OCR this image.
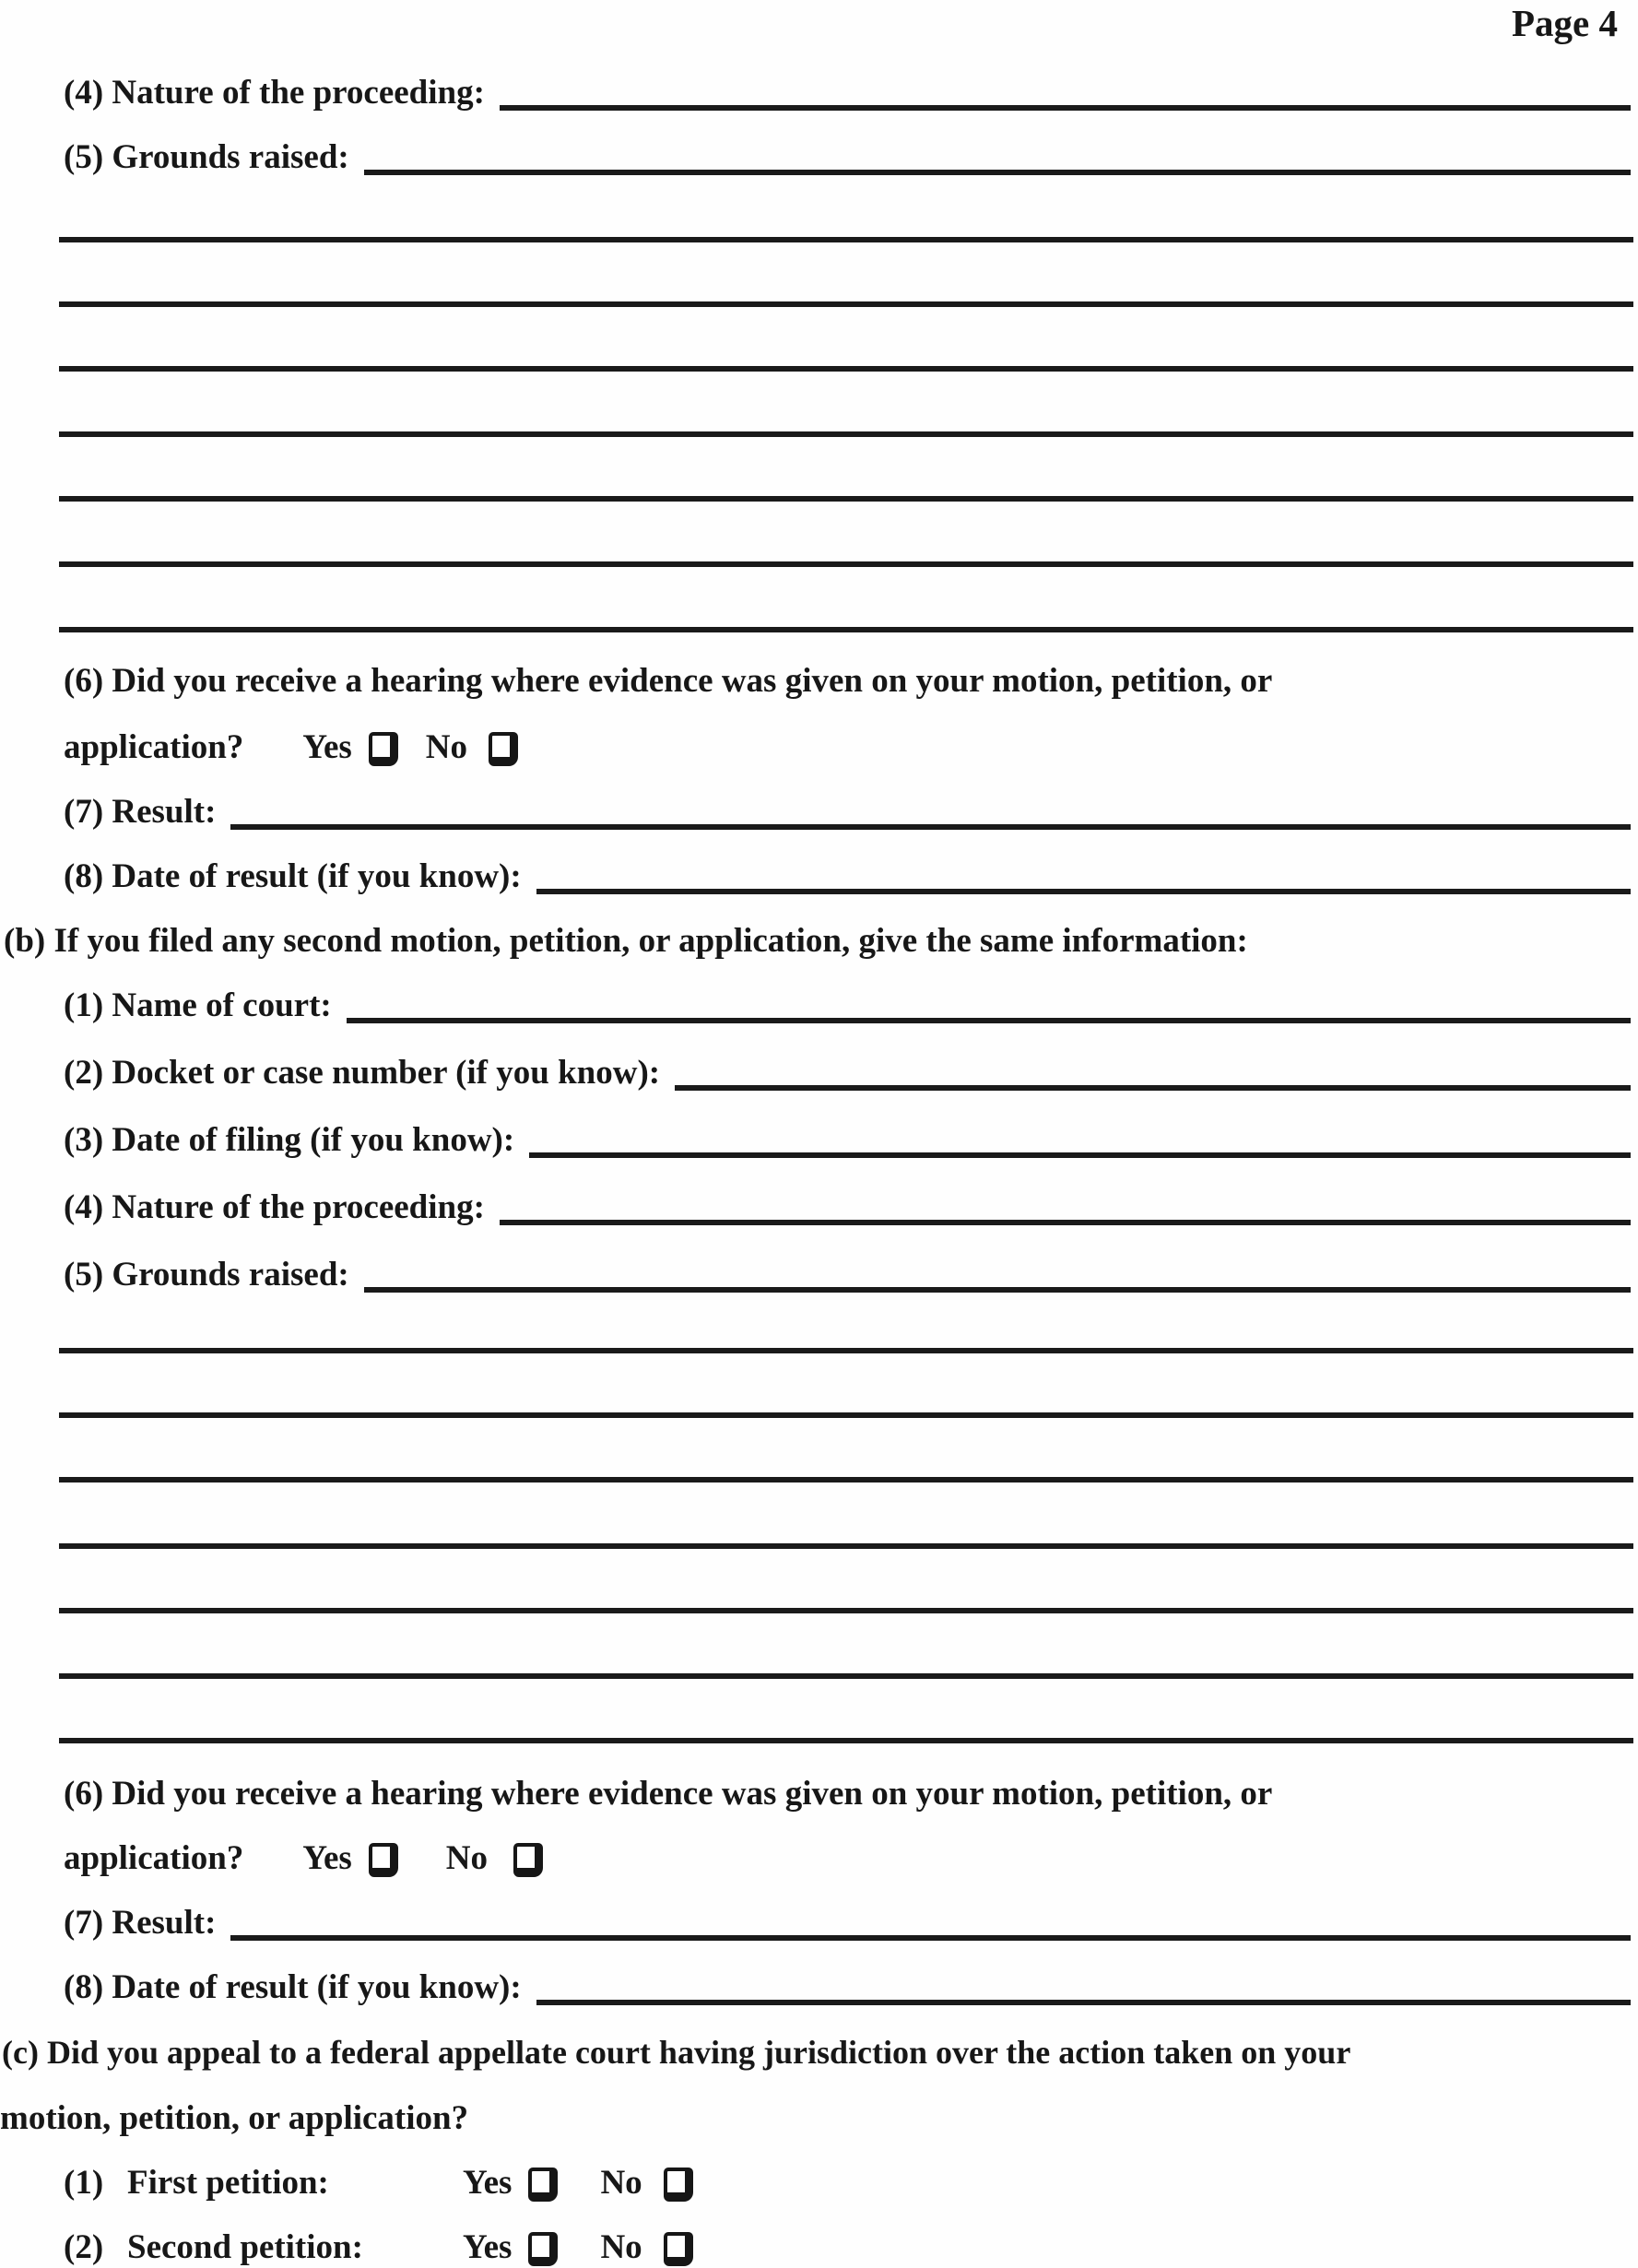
Page 4
(4) Nature of the proceeding:
(5) Grounds raised:
(6) Did you receive a hearing where evidence was given on your motion, petition, or
application? Yes No
(7) Result:
(8) Date of result (if you know):
(b) If you filed any second motion, petition, or application, give the same information:
(1) Name of court:
(2) Docket or case number (if you know):
(3) Date of filing (if you know):
(4) Nature of the proceeding:
(5) Grounds raised:
(6) Did you receive a hearing where evidence was given on your motion, petition, or
application? Yes	No
(7) Result:
(8) Date of result (if you know):
(c) Did you appeal to a federal appellate court having jurisdiction over the action taken on your
motion, petition, or application?
(1) First petition:	Yes	No
(2) Second petition:	Yes	No
